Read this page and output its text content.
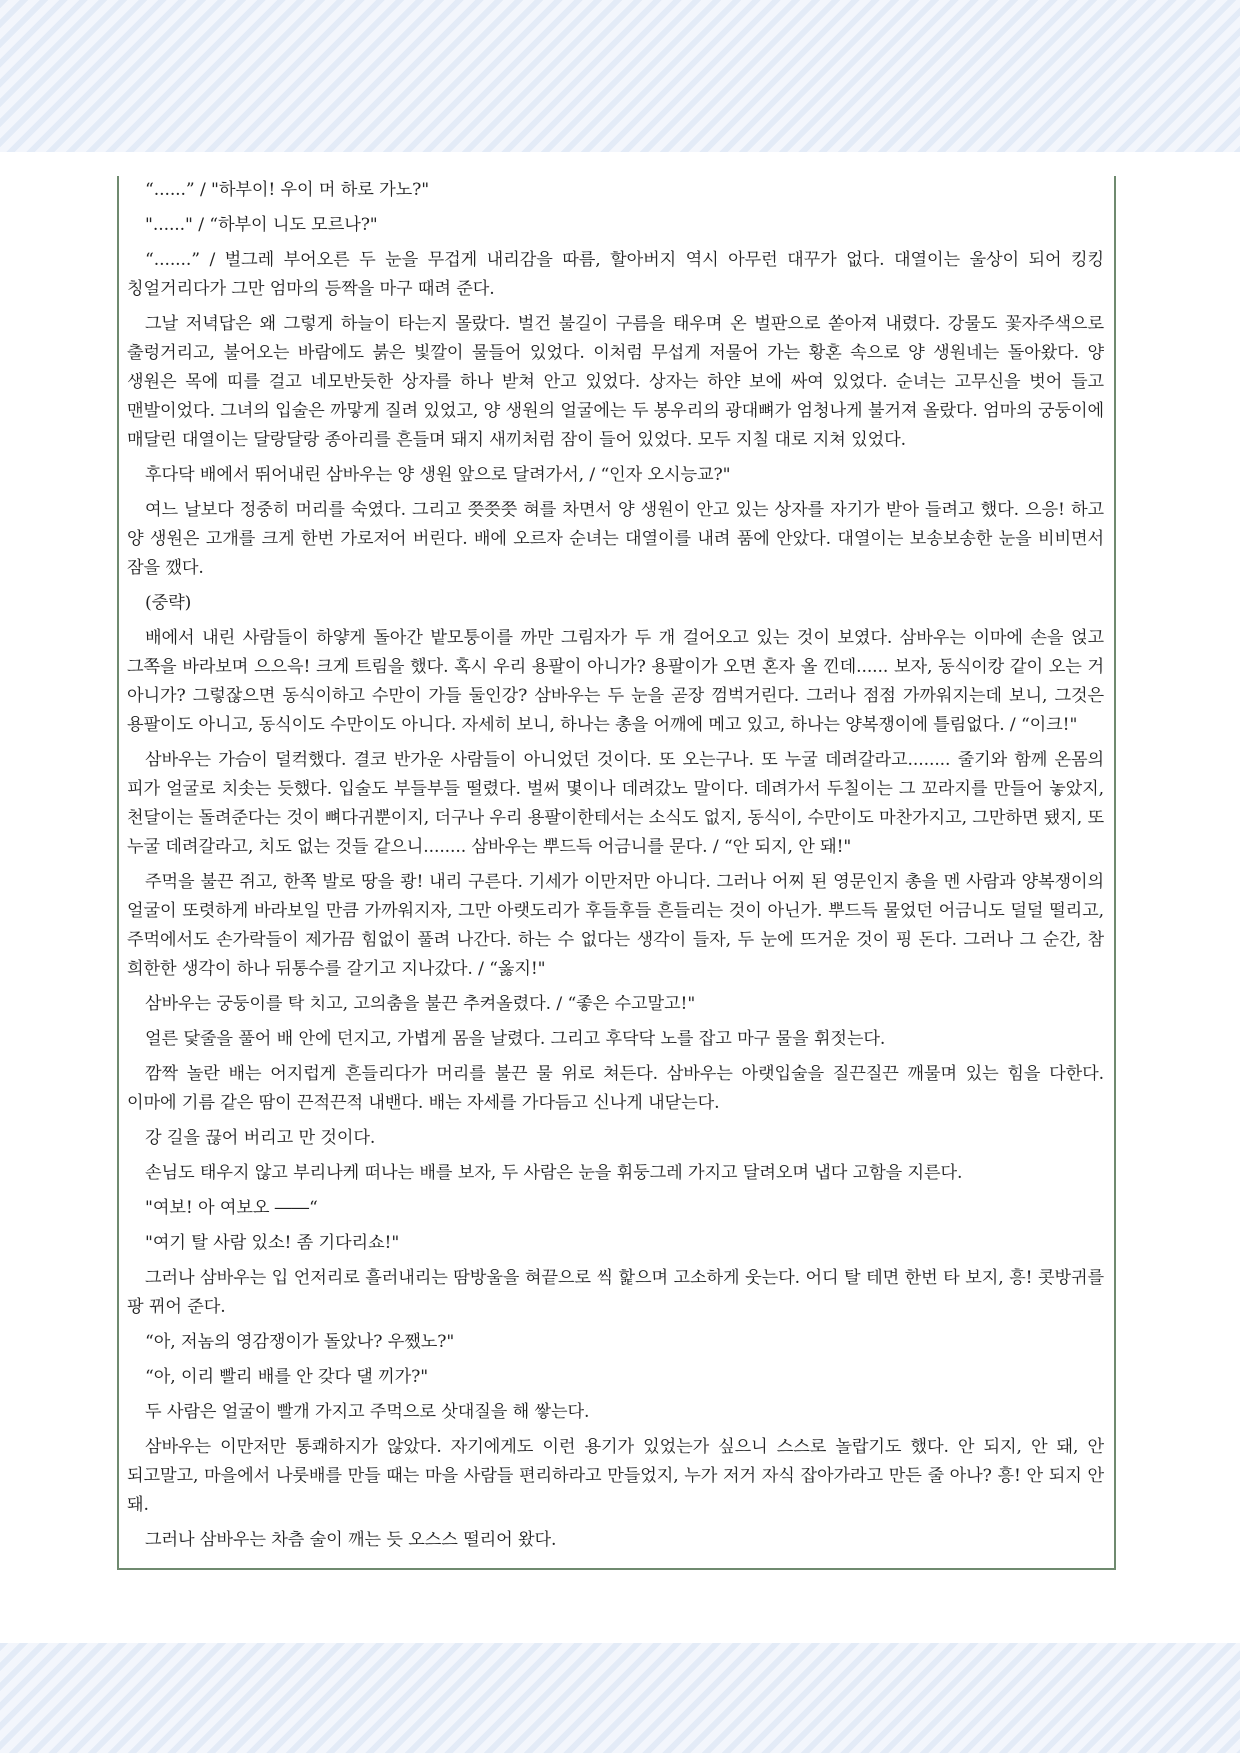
“......” / "하부이! 우이 머 하로 가노?"

"......" / “하부이 니도 모르나?"

“.......” / 벌그레 부어오른 두 눈을 무겁게 내리감을 따름, 할아버지 역시 아무런 대꾸가 없다. 대열이는 울상이 되어 킹킹 칭얼거리다가 그만 엄마의 등짝을 마구 때려 준다.

그날 저녁답은 왜 그렇게 하늘이 타는지 몰랐다. 벌건 불길이 구름을 태우며 온 벌판으로 쏟아져 내렸다. 강물도 꽃자주색으로 출렁거리고, 불어오는 바람에도 붉은 빛깔이 물들어 있었다. 이처럼 무섭게 저물어 가는 황혼 속으로 양 생원네는 돌아왔다. 양 생원은 목에 띠를 걸고 네모반듯한 상자를 하나 받쳐 안고 있었다. 상자는 하얀 보에 싸여 있었다. 순녀는 고무신을 벗어 들고 맨발이었다. 그녀의 입술은 까맣게 질려 있었고, 양 생원의 얼굴에는 두 봉우리의 광대뼈가 엄청나게 불거져 올랐다. 엄마의 궁둥이에 매달린 대열이는 달랑달랑 종아리를 흔들며 돼지 새끼처럼 잠이 들어 있었다. 모두 지칠 대로 지쳐 있었다.

후다닥 배에서 뛰어내린 삼바우는 양 생원 앞으로 달려가서, / “인자 오시능교?"

여느 날보다 정중히 머리를 숙였다. 그리고 쯧쯧쯧 혀를 차면서 양 생원이 안고 있는 상자를 자기가 받아 들려고 했다. 으응! 하고 양 생원은 고개를 크게 한번 가로저어 버린다. 배에 오르자 순녀는 대열이를 내려 품에 안았다. 대열이는 보송보송한 눈을 비비면서 잠을 깼다.

(중략)

배에서 내린 사람들이 하얗게 돌아간 밭모퉁이를 까만 그림자가 두 개 걸어오고 있는 것이 보였다. 삼바우는 이마에 손을 얹고 그쪽을 바라보며 으으윽! 크게 트림을 했다. 혹시 우리 용팔이 아니가? 용팔이가 오면 혼자 올 낀데...... 보자, 동식이캉 같이 오는 거 아니가? 그렇잖으면 동식이하고 수만이 가들 둘인강? 삼바우는 두 눈을 곧장 껌벅거린다. 그러나 점점 가까워지는데 보니, 그것은 용팔이도 아니고, 동식이도 수만이도 아니다. 자세히 보니, 하나는 총을 어깨에 메고 있고, 하나는 양복쟁이에 틀림없다. / “이크!"

삼바우는 가슴이 덜컥했다. 결코 반가운 사람들이 아니었던 것이다. 또 오는구나. 또 누굴 데려갈라고........ 줄기와 함께 온몸의 피가 얼굴로 치솟는 듯했다. 입술도 부들부들 떨렸다. 벌써 몇이나 데려갔노 말이다. 데려가서 두칠이는 그 꼬라지를 만들어 놓았지, 천달이는 돌려준다는 것이 뼈다귀뿐이지, 더구나 우리 용팔이한테서는 소식도 없지, 동식이, 수만이도 마찬가지고, 그만하면 됐지, 또 누굴 데려갈라고, 치도 없는 것들 같으니........ 삼바우는 뿌드득 어금니를 문다. / “안 되지, 안 돼!"

주먹을 불끈 쥐고, 한쪽 발로 땅을 쾅! 내리 구른다. 기세가 이만저만 아니다. 그러나 어찌 된 영문인지 총을 멘 사람과 양복쟁이의 얼굴이 또렷하게 바라보일 만큼 가까워지자, 그만 아랫도리가 후들후들 흔들리는 것이 아닌가. 뿌드득 물었던 어금니도 덜덜 떨리고, 주먹에서도 손가락들이 제가끔 힘없이 풀려 나간다. 하는 수 없다는 생각이 들자, 두 눈에 뜨거운 것이 핑 돈다. 그러나 그 순간, 참 희한한 생각이 하나 뒤통수를 갈기고 지나갔다. / “옳지!"

삼바우는 궁둥이를 탁 치고, 고의춤을 불끈 추켜올렸다. / “좋은 수고말고!"

얼른 닻줄을 풀어 배 안에 던지고, 가볍게 몸을 날렸다. 그리고 후닥닥 노를 잡고 마구 물을 휘젓는다.

깜짝 놀란 배는 어지럽게 흔들리다가 머리를 불끈 물 위로 쳐든다. 삼바우는 아랫입술을 질끈질끈 깨물며 있는 힘을 다한다. 이마에 기름 같은 땀이 끈적끈적 내밴다. 배는 자세를 가다듬고 신나게 내닫는다.

강 길을 끊어 버리고 만 것이다.

손님도 태우지 않고 부리나케 떠나는 배를 보자, 두 사람은 눈을 휘둥그레 가지고 달려오며 냅다 고함을 지른다.

"여보! 아 여보오 ――“

"여기 탈 사람 있소! 좀 기다리쇼!"

그러나 삼바우는 입 언저리로 흘러내리는 땀방울을 혀끝으로 씩 핥으며 고소하게 웃는다. 어디 탈 테면 한번 타 보지, 흥! 콧방귀를 팡 뀌어 준다.

“아, 저놈의 영감쟁이가 돌았나? 우쨌노?"

“아, 이리 빨리 배를 안 갖다 댈 끼가?"

두 사람은 얼굴이 빨개 가지고 주먹으로 삿대질을 해 쌓는다.

삼바우는 이만저만 통쾌하지가 않았다. 자기에게도 이런 용기가 있었는가 싶으니 스스로 놀랍기도 했다. 안 되지, 안 돼, 안 되고말고, 마을에서 나룻배를 만들 때는 마을 사람들 편리하라고 만들었지, 누가 저거 자식 잡아가라고 만든 줄 아나? 흥! 안 되지 안 돼.

그러나 삼바우는 차츰 술이 깨는 듯 오스스 떨리어 왔다.
